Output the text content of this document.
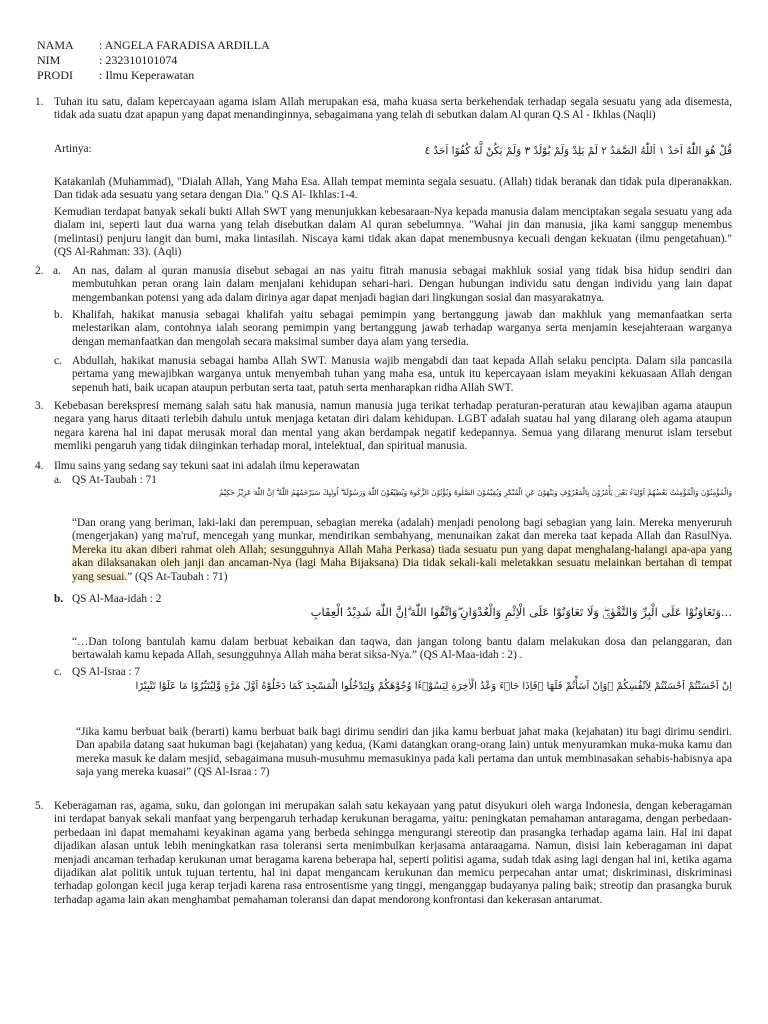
NAMA	: ANGELA FARADISA ARDILLA
NIM	: 232310101074
PRODI	: Ilmu Keperawatan
1. Tuhan itu satu, dalam kepercayaan agama islam Allah merupakan esa, maha kuasa serta berkehendak terhadap segala sesuatu yang ada disemesta, tidak ada suatu dzat apapun yang dapat menandinginnya, sebagaimana yang telah di sebutkan dalam Al quran Q.S Al - Ikhlas (Naqli)

Artinya:	قُلْ هُوَ اللّٰهُ اَحَدٌ ١ اَللّٰهُ الصَّمَدُ ٢ لَمْ يَلِدْ وَلَمْ يُوْلَدْ ٣ وَلَمْ يَكُنْ لَّهٗ كُفُوًا اَحَدٌ ٤

Katakanlah (Muhammad), "Dialah Allah, Yang Maha Esa. Allah tempat meminta segala sesuatu. (Allah) tidak beranak dan tidak pula diperanakkan. Dan tidak ada sesuatu yang setara dengan Dia." Q.S Al- Ikhlas:1-4.

Kemudian terdapat banyak sekali bukti Allah SWT yang menunjukkan kebesaraan-Nya kepada manusia dalam menciptakan segala sesuatu yang ada dialam ini, seperti laut dua warna yang telah disebutkan dalam Al quran sebelumnya. "Wahai jin dan manusia, jika kami sanggup menembus (melintasi) penjuru langit dan bumi, maka lintasilah. Niscaya kami tidak akan dapat menembusnya kecuali dengan kekuatan (ilmu pengetahuan)." (QS Al-Rahman: 33). (Aqli)

2. a. An nas, dalam al quran manusia disebut sebagai an nas yaitu fitrah manusia sebagai makhluk sosial yang tidak bisa hidup sendiri dan membutuhkan peran orang lain dalam menjalani kehidupan sehari-hari. Dengan hubungan individu satu dengan individu yang lain dapat mengembankan potensi yang ada dalam dirinya agar dapat menjadi bagian dari lingkungan sosial dan masyarakatnya.

b. Khalifah, hakikat manusia sebagai khalifah yaitu sebagai pemimpin yang bertanggung jawab dan makhluk yang memanfaatkan serta melestarikan alam, contohnya ialah seorang pemimpin yang bertanggung jawab terhadap warganya serta menjamin kesejahteraan warganya dengan memanfaatkan dan mengolah secara maksimal sumber daya alam yang tersedia.

c. Abdullah, hakikat manusia sebagai hamba Allah SWT. Manusia wajib mengabdi dan taat kepada Allah selaku pencipta. Dalam sila pancasila pertama yang mewajibkan warganya untuk menyembah tuhan yang maha esa, untuk itu kepercayaan islam meyakini kekuasaan Allah dengan sepenuh hati, baik ucapan ataupun perbutan serta taat, patuh serta menharapkan ridha Allah SWT.

3. Kebebasan berekspresi memang salah satu hak manusia, namun manusia juga terikat terhadap peraturan-peraturan atau kewajiban agama ataupun negara yang harus ditaati terlebih dahulu untuk menjaga ketatan diri dalam kehidupan. LGBT adalah suatau hal yang dilarang oleh agama ataupun negara karena hal ini dapat merusak moral dan mental yang akan berdampak negatif kedepannya. Semua yang dilarang menurut islam tersebut memliki pengaruh yang tidak diinginkan terhadap moral, intelektual, dan spiritual manusia.

4. Ilmu sains yang sedang say tekuni saat ini adalah ilmu keperawatan
a. QS At-Taubah : 71

وَالْمُؤْمِنُوْنَ وَالْمُؤْمِنٰتُ بَعْضُهُمْ اَوْلِيَاۤءُ بَعْضٍۘ يَأْمُرُوْنَ بِالْمَعْرُوْفِ وَيَنْهَوْنَ عَنِ الْمُنْكَرِ وَيُقِيْمُوْنَ الصَّلٰوةَ وَيُؤْتُوْنَ الزَّكٰوةَ وَيُطِيْعُوْنَ اللّٰهَ وَرَسُوْلَهٗ ۗ اُولٰۤىِٕكَ سَيَرْحَمُهُمُ اللّٰهُ ۗ اِنَّ اللّٰهَ عَزِيْزٌ حَكِيْمٌ

“Dan orang yang beriman, laki-laki dan perempuan, sebagian mereka (adalah) menjadi penolong bagi sebagian yang lain. Mereka menyeruruh (mengerjakan) yang ma'ruf, mencegah yang munkar, mendirikan sembahyang, menunaikan zakat dan mereka taat kepada Allah dan RasulNya. Mereka itu akan diberi rahmat oleh Allah; sesungguhnya Allah Maha Perkasa) tiada sesuatu pun yang dapat menghalang-halangi apa-apa yang akan dilaksanakan oleh janji dan ancaman-Nya (lagi Maha Bijaksana) Dia tidak sekali-kali meletakkan sesuatu melainkan bertahan di tempat yang sesuai.” (QS At-Taubah : 71)

b. QS Al-Maa-idah : 2

...وَتَعَاوَنُوْا عَلَى الْبِرِّ وَالتَّقْوٰىۖ وَلَا تَعَاوَنُوْا عَلَى الْاِثْمِ وَالْعُدْوَانِ ۖوَاتَّقُوا اللّٰهَ ۗاِنَّ اللّٰهَ شَدِيْدُ الْعِقَابِ

“…Dan tolong bantulah kamu dalam berbuat kebaikan dan taqwa, dan jangan tolong bantu dalam melakukan dosa dan pelanggaran, dan bertawalah kamu kepada Allah, sesungguhnya Allah maha berat siksa-Nya.” (QS Al-Maa-idah : 2) .

c. QS Al-Israa : 7

اِنْ اَحْسَنْتُمْ اَحْسَنْتُمْ لِاَنْفُسِكُمْ ۗوَاِنْ اَسَأْتُمْ فَلَهَا ۗفَاِذَا جَاۤءَ وَعْدُ الْاٰخِرَةِ لِيَسُوْۤءٗا وُجُوْهَكُمْ وَلِيَدْخُلُوا الْمَسْجِدَ كَمَا دَخَلُوْهُ اَوَّلَ مَرَّةٍ وَّلِيُتَبِّرُوْا مَا عَلَوْا تَتْبِيْرًا

“Jika kamu berbuat baik (berarti) kamu berbuat baik bagi dirimu sendiri dan jika kamu berbuat jahat maka (kejahatan) itu bagi dirimu sendiri. Dan apabila datang saat hukuman bagi (kejahatan) yang kedua, (Kami datangkan orang-orang lain) untuk menyuramkan muka-muka kamu dan mereka masuk ke dalam mesjid, sebagaimana musuh-musuhmu memasukinya pada kali pertama dan untuk membinasakan sehabis-habisnya apa saja yang mereka kuasai” (QS Al-Israa : 7)

5. Keberagaman ras, agama, suku, dan golongan ini merupakan salah satu kekayaan yang patut disyukuri oleh warga Indonesia, dengan keberagaman ini terdapat banyak sekali manfaat yang berpengaruh terhadap kerukunan beragama, yaitu: peningkatan pemahaman antaragama, dengan perbedaan-perbedaan ini dapat memahami keyakinan agama yang berbeda sehingga mengurangi stereotip dan prasangka terhadap agama lain. Hal ini dapat dijadikan alasan untuk lebih meningkatkan rasa toleransi serta menimbulkan kerjasama antaraagama. Namun, disisi lain keberagaman ini dapat menjadi ancaman terhadap kerukunan umat beragama karena beberapa hal, seperti politisi agama, sudah tdak asing lagi dengan hal ini, ketika agama dijadikan alat politik untuk tujuan tertentu, hal ini dapat mengancam kerukunan dan memicu perpecahan antar umat; diskriminasi, diskriminasi terhadap golongan kecil juga kerap terjadi karena rasa entrosentisme yang tinggi, menganggap budayanya paling baik; streotip dan prasangka buruk terhadap agama lain akan menghambat pemahaman toleransi dan dapat mendorong konfrontasi dan kekerasan antarumat.
